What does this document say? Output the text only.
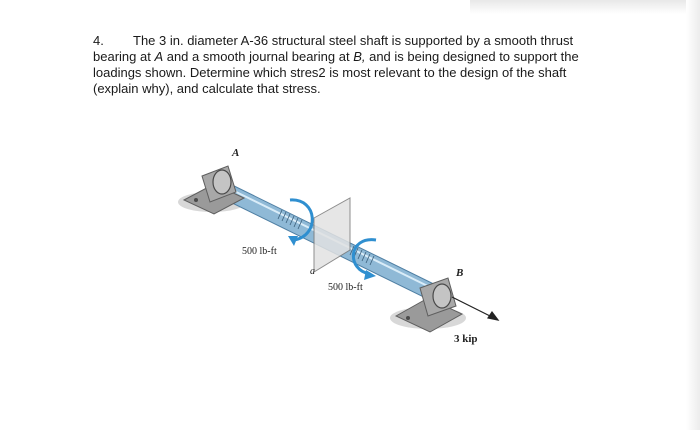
4. The 3 in. diameter A-36 structural steel shaft is supported by a smooth thrust
bearing at A and a smooth journal bearing at B, and is being designed to support the
loadings shown. Determine which stres2 is most relevant to the design of the shaft
(explain why), and calculate that stress.
A
B
a
500 lb-ft
500 lb-ft
3 kip
